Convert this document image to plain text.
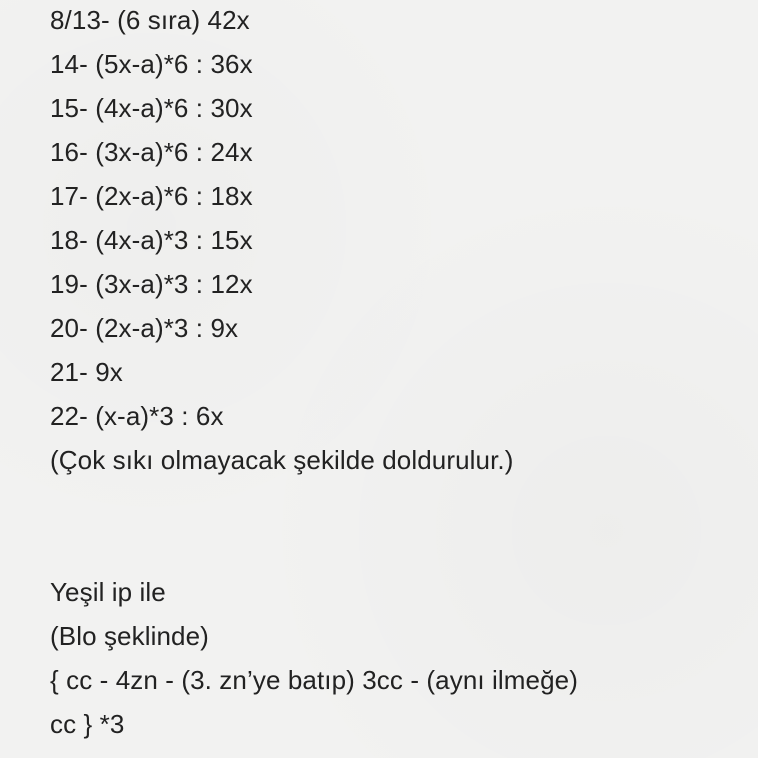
8/13- (6 sıra) 42x
14- (5x-a)*6 : 36x
15- (4x-a)*6 : 30x
16- (3x-a)*6 : 24x
17- (2x-a)*6 : 18x
18- (4x-a)*3 : 15x
19- (3x-a)*3 : 12x
20- (2x-a)*3 : 9x
21- 9x
22- (x-a)*3 : 6x
(Çok sıkı olmayacak şekilde doldurulur.)
Yeşil ip ile
(Blo şeklinde)
{ cc - 4zn - (3. zn’ye batıp) 3cc - (aynı ilmeğe)
cc } *3
